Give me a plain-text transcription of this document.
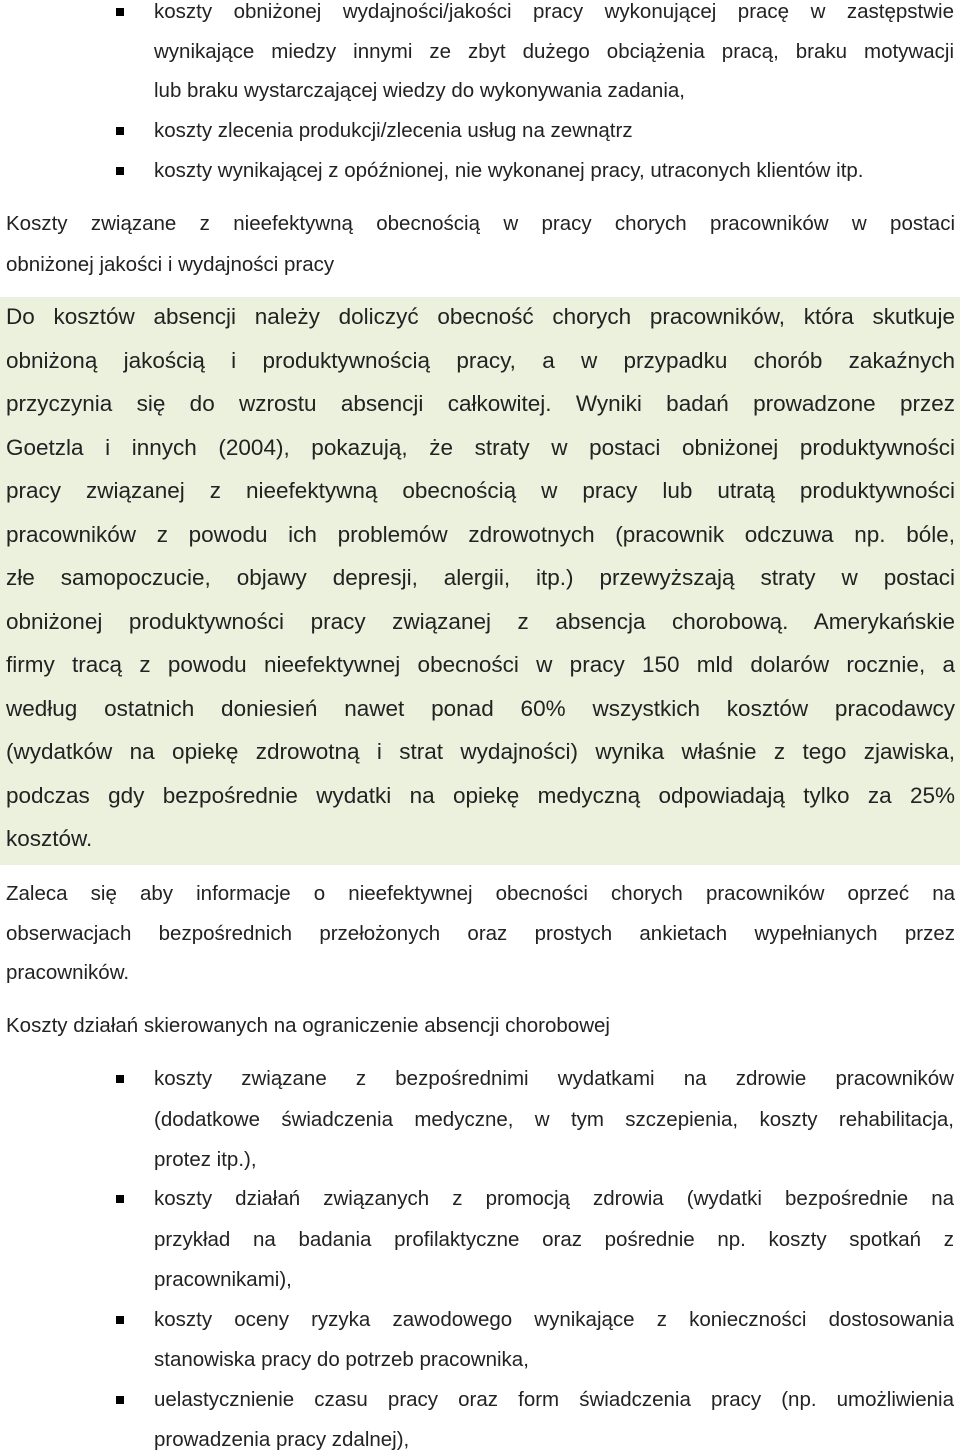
koszty obniżonej wydajności/jakości pracy wykonującej pracę w zastępstwie
wynikające miedzy innymi ze zbyt dużego obciążenia pracą, braku motywacji
lub braku wystarczającej wiedzy do wykonywania zadania,
koszty zlecenia produkcji/zlecenia usług na zewnątrz
koszty wynikającej z opóźnionej, nie wykonanej pracy, utraconych klientów itp.
Koszty związane z nieefektywną obecnością w pracy chorych pracowników w postaci
obniżonej jakości i wydajności pracy
Do kosztów absencji należy doliczyć obecność chorych pracowników, która skutkuje
obniżoną jakością i produktywnością pracy, a w przypadku chorób zakaźnych
przyczynia się do wzrostu absencji całkowitej. Wyniki badań prowadzone przez
Goetzla i innych (2004), pokazują, że straty w postaci obniżonej produktywności
pracy związanej z nieefektywną obecnością w pracy lub utratą produktywności
pracowników z powodu ich problemów zdrowotnych (pracownik odczuwa np. bóle,
złe samopoczucie, objawy depresji, alergii, itp.) przewyższają straty w postaci
obniżonej produktywności pracy związanej z absencja chorobową. Amerykańskie
firmy tracą z powodu nieefektywnej obecności w pracy 150 mld dolarów rocznie, a
według ostatnich doniesień nawet ponad 60% wszystkich kosztów pracodawcy
(wydatków na opiekę zdrowotną i strat wydajności) wynika właśnie z tego zjawiska,
podczas gdy bezpośrednie wydatki na opiekę medyczną odpowiadają tylko za 25%
kosztów.
Zaleca się aby informacje o nieefektywnej obecności chorych pracowników oprzeć na
obserwacjach bezpośrednich przełożonych oraz prostych ankietach wypełnianych przez
pracowników.
Koszty działań skierowanych na ograniczenie absencji chorobowej
koszty związane z bezpośrednimi wydatkami na zdrowie pracowników
(dodatkowe świadczenia medyczne, w tym szczepienia, koszty rehabilitacja,
protez itp.),
koszty działań związanych z promocją zdrowia (wydatki bezpośrednie na
przykład na badania profilaktyczne oraz pośrednie np. koszty spotkań z
pracownikami),
koszty oceny ryzyka zawodowego wynikające z konieczności dostosowania
stanowiska pracy do potrzeb pracownika,
uelastycznienie czasu pracy oraz form świadczenia pracy (np. umożliwienia
prowadzenia pracy zdalnej),
